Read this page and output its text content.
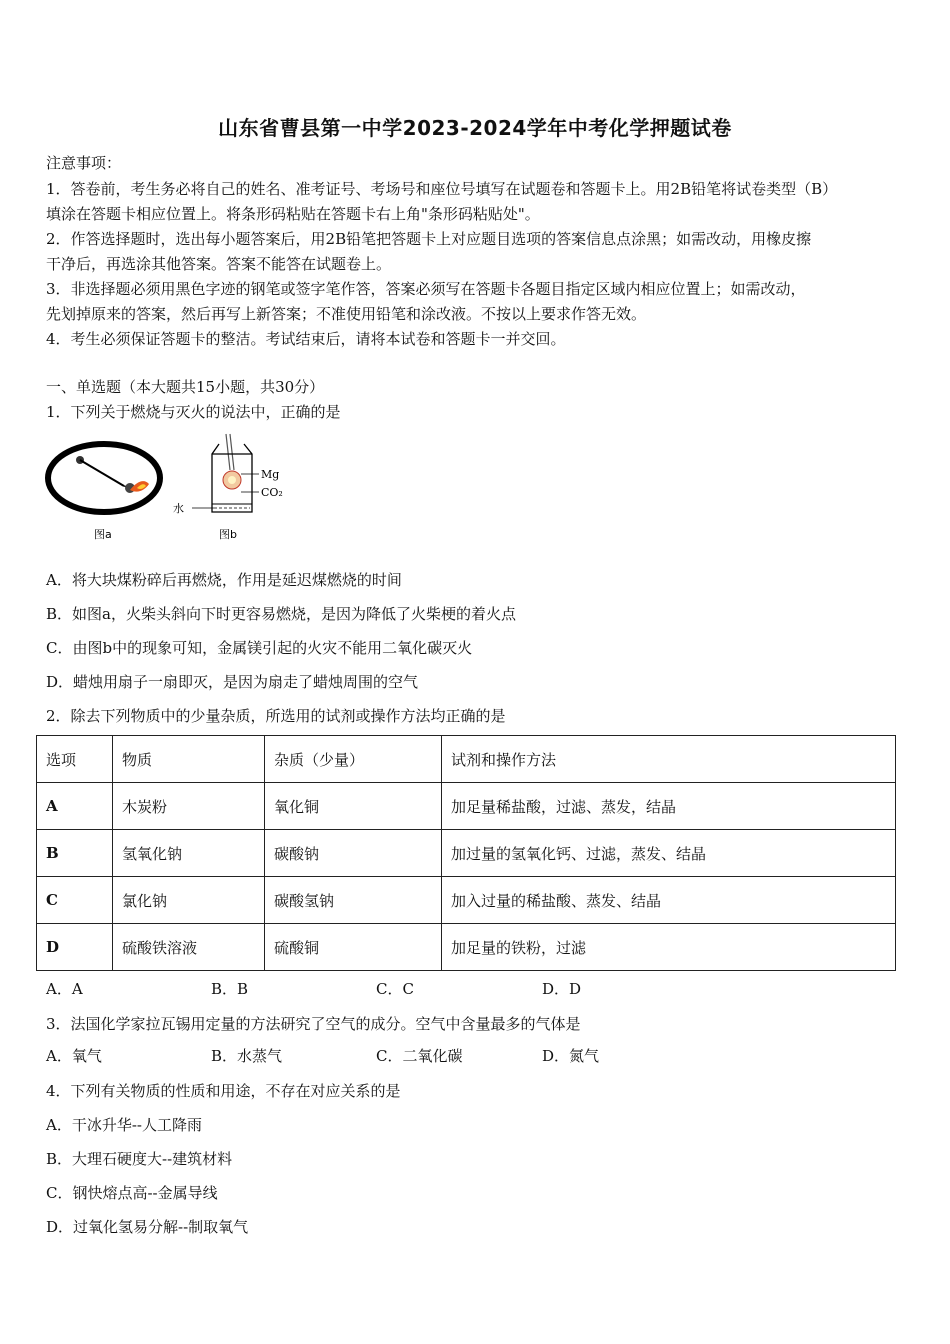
山东省曹县第一中学2023-2024学年中考化学押题试卷
注意事项：
1．答卷前，考生务必将自己的姓名、准考证号、考场号和座位号填写在试题卷和答题卡上。用2B铅笔将试卷类型（B）
填涂在答题卡相应位置上。将条形码粘贴在答题卡右上角"条形码粘贴处"。
2．作答选择题时，选出每小题答案后，用2B铅笔把答题卡上对应题目选项的答案信息点涂黑；如需改动，用橡皮擦
干净后，再选涂其他答案。答案不能答在试题卷上。
3．非选择题必须用黑色字迹的钢笔或签字笔作答，答案必须写在答题卡各题目指定区域内相应位置上；如需改动，
先划掉原来的答案，然后再写上新答案；不准使用铅笔和涂改液。不按以上要求作答无效。
4．考生必须保证答题卡的整洁。考试结束后，请将本试卷和答题卡一并交回。
一、单选题（本大题共15小题，共30分）
1．下列关于燃烧与灭火的说法中，正确的是
图a
Mg
CO₂
水
图b
A．将大块煤粉碎后再燃烧，作用是延迟煤燃烧的时间
B．如图a，火柴头斜向下时更容易燃烧，是因为降低了火柴梗的着火点
C．由图b中的现象可知，金属镁引起的火灾不能用二氧化碳灭火
D．蜡烛用扇子一扇即灭，是因为扇走了蜡烛周围的空气
2．除去下列物质中的少量杂质，所选用的试剂或操作方法均正确的是
选项	物质	杂质（少量）	试剂和操作方法
A	木炭粉	氧化铜	加足量稀盐酸，过滤、蒸发，结晶
B	氢氧化钠	碳酸钠	加过量的氢氧化钙、过滤，蒸发、结晶
C	氯化钠	碳酸氢钠	加入过量的稀盐酸、蒸发、结晶
D	硫酸铁溶液	硫酸铜	加足量的铁粉，过滤
A．A	B．B	C．C	D．D
3．法国化学家拉瓦锡用定量的方法研究了空气的成分。空气中含量最多的气体是
A．氧气	B．水蒸气	C．二氧化碳	D．氮气
4．下列有关物质的性质和用途，不存在对应关系的是
A．干冰升华--人工降雨
B．大理石硬度大--建筑材料
C．钢快熔点高--金属导线
D．过氧化氢易分解--制取氧气
